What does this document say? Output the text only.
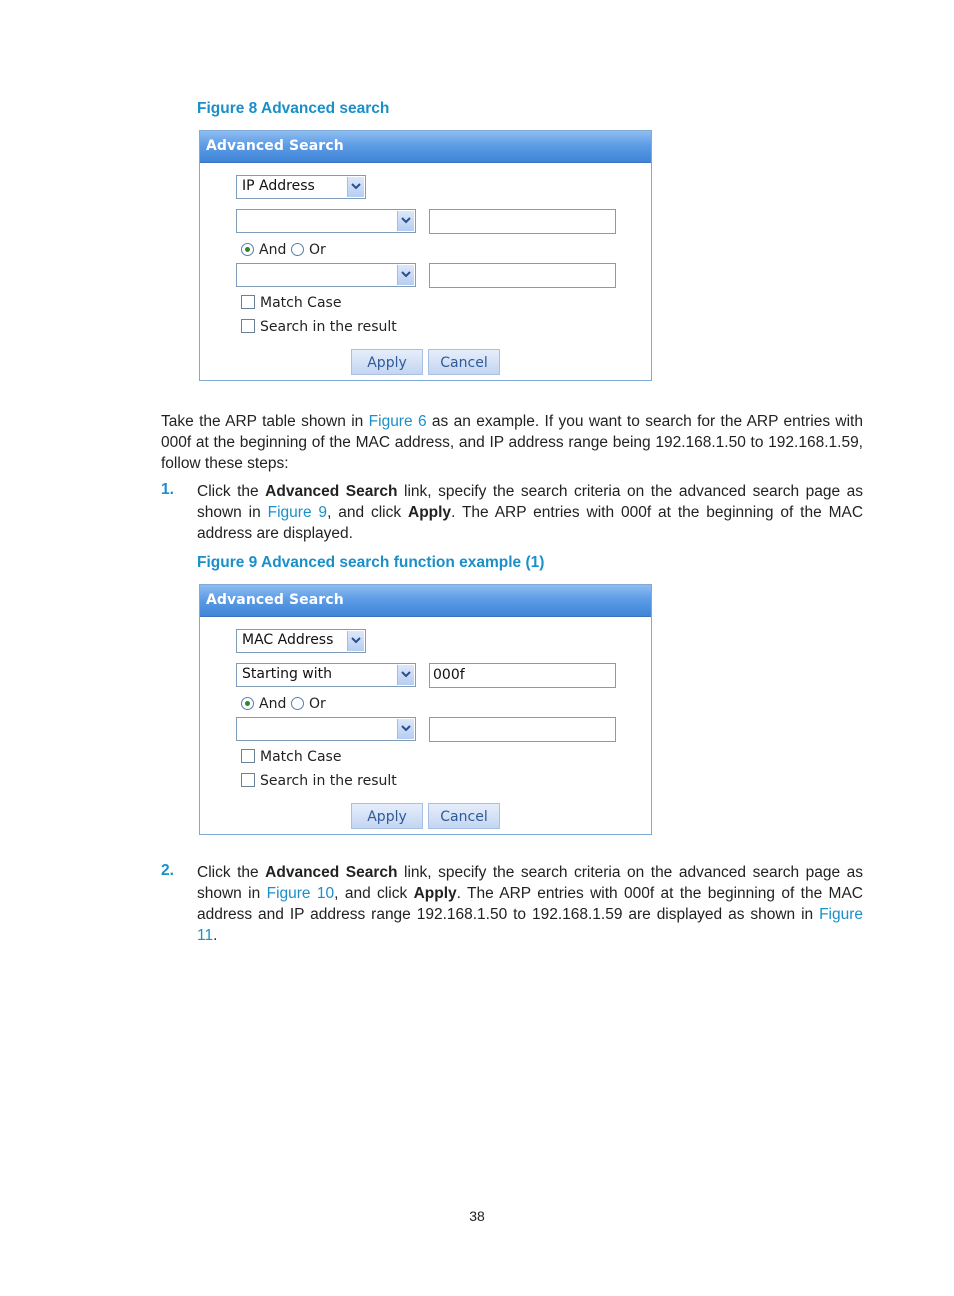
Figure 8 Advanced search
Advanced Search
IP Address
And Or
Match Case
Search in the result
Apply	Cancel
Take the ARP table shown in Figure 6 as an example. If you want to search for the ARP entries with 000f at the beginning of the MAC address, and IP address range being 192.168.1.50 to 192.168.1.59, follow these steps:
1. Click the Advanced Search link, specify the search criteria on the advanced search page as shown in Figure 9, and click Apply. The ARP entries with 000f at the beginning of the MAC address are displayed.
Figure 9 Advanced search function example (1)
Advanced Search
MAC Address
Starting with	000f
And Or
Match Case
Search in the result
Apply	Cancel
2. Click the Advanced Search link, specify the search criteria on the advanced search page as shown in Figure 10, and click Apply. The ARP entries with 000f at the beginning of the MAC address and IP address range 192.168.1.50 to 192.168.1.59 are displayed as shown in Figure 11.
38
